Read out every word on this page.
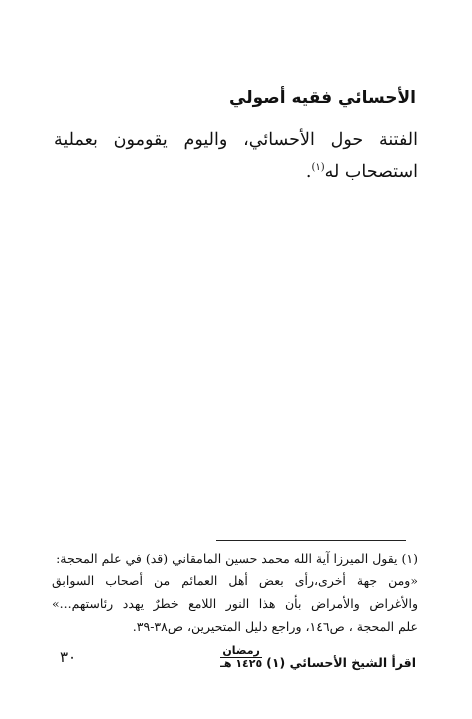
الأحسائي فقيه أصولي
الفتنة حول الأحسائي، واليوم يقومون بعملية
استصحاب له$^{(١)}$.
(١) يقول الميرزا آية الله محمد حسين المامقاني (قد) في علم المحجة:
«ومن جهة أخرى،رأى بعض أهل العمائم من أصحاب السوابق
والأغراض والأمراض بأن هذا النور اللامع خطرٌ يهدد رئاستهم...»
علم المحجة ، ص١٤٦، وراجع دليل المتحيرين، ص٣٨-٣٩.
٣٠	اقرأ الشيخ الأحسائي (١)
رمضان
١٤٢٥ هـ
